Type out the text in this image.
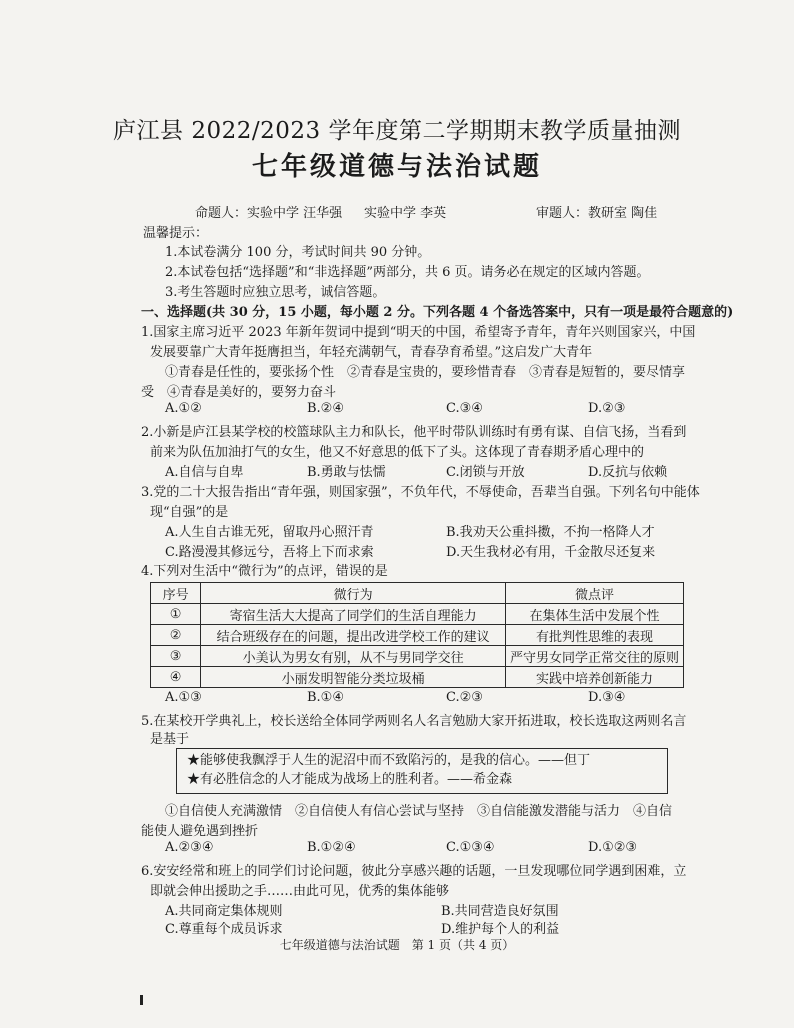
庐江县 2022/2023 学年度第二学期期末教学质量抽测
七年级道德与法治试题
命题人：实验中学 汪华强 实验中学 李英	审题人：教研室 陶佳
温馨提示：
1.本试卷满分 100 分，考试时间共 90 分钟。
2.本试卷包括“选择题”和“非选择题”两部分，共 6 页。请务必在规定的区域内答题。
3.考生答题时应独立思考，诚信答题。
一、选择题(共 30 分，15 小题，每小题 2 分。下列各题 4 个备选答案中，只有一项是最符合题意的)
1.国家主席习近平 2023 年新年贺词中提到“明天的中国，希望寄予青年，青年兴则国家兴，中国
发展要靠广大青年挺膺担当，年轻充满朝气，青春孕育希望。”这启发广大青年
①青春是任性的，要张扬个性　②青春是宝贵的，要珍惜青春　③青春是短暂的，要尽情享
受　④青春是美好的，要努力奋斗
A.①②	B.②④	C.③④	D.②③
2.小新是庐江县某学校的校篮球队主力和队长，他平时带队训练时有勇有谋、自信飞扬，当看到
前来为队伍加油打气的女生，他又不好意思的低下了头。这体现了青春期矛盾心理中的
A.自信与自卑	B.勇敢与怯懦	C.闭锁与开放	D.反抗与依赖
3.党的二十大报告指出“青年强，则国家强”，不负年代，不辱使命，吾辈当自强。下列名句中能体
现“自强”的是
A.人生自古谁无死，留取丹心照汗青	B.我劝天公重抖擞，不拘一格降人才
C.路漫漫其修远兮，吾将上下而求索	D.天生我材必有用，千金散尽还复来
4.下列对生活中“微行为”的点评，错误的是
序号	微行为	微点评
①	寄宿生活大大提高了同学们的生活自理能力	在集体生活中发展个性
②	结合班级存在的问题，提出改进学校工作的建议	有批判性思维的表现
③	小美认为男女有别，从不与男同学交往	严守男女同学正常交往的原则
④	小丽发明智能分类垃圾桶	实践中培养创新能力
A.①③	B.①④	C.②③	D.③④
5.在某校开学典礼上，校长送给全体同学两则名人名言勉励大家开拓进取，校长选取这两则名言
是基于
★能够使我飘浮于人生的泥沼中而不致陷污的，是我的信心。——但丁
★有必胜信念的人才能成为战场上的胜利者。——希金森
①自信使人充满激情　②自信使人有信心尝试与坚持　③自信能激发潜能与活力　④自信
能使人避免遇到挫折
A.②③④	B.①②④	C.①③④	D.①②③
6.安安经常和班上的同学们讨论问题，彼此分享感兴趣的话题，一旦发现哪位同学遇到困难，立
即就会伸出援助之手……由此可见，优秀的集体能够
A.共同商定集体规则	B.共同营造良好氛围
C.尊重每个成员诉求	D.维护每个人的利益
七年级道德与法治试题　第 1 页（共 4 页）
